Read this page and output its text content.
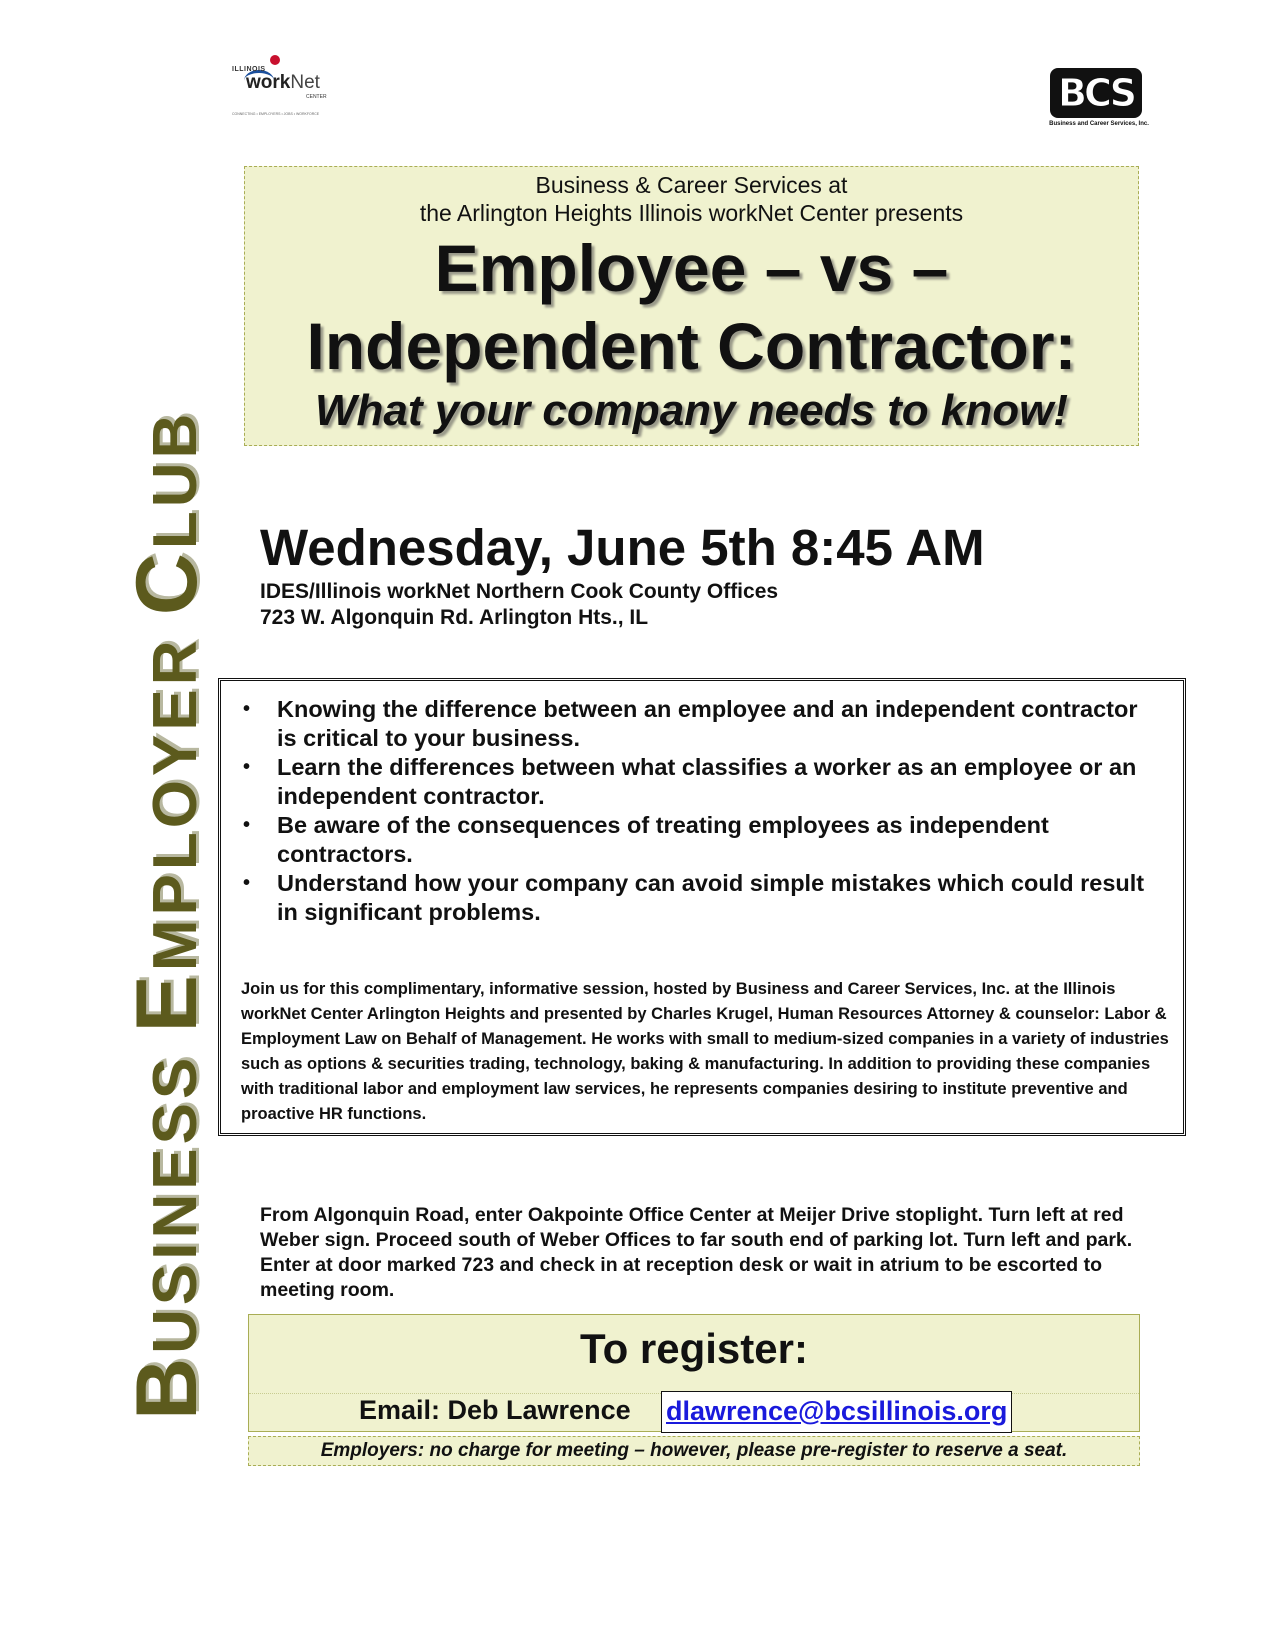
ILLINOIS
workNet
CENTER
CONNECTING • EMPLOYERS • JOBS • WORKFORCE	BCS
Business and Career Services, Inc.
BUSINESS EMPLOYER CLUB
Business & Career Services at
the Arlington Heights Illinois workNet Center presents
Employee – vs –
Independent Contractor:
What your company needs to know!
Wednesday, June 5th 8:45 AM
IDES/Illinois workNet Northern Cook County Offices
723 W. Algonquin Rd. Arlington Hts., IL
• Knowing the difference between an employee and an independent contractor is critical to your business.
• Learn the differences between what classifies a worker as an employee or an independent contractor.
• Be aware of the consequences of treating employees as independent contractors.
• Understand how your company can avoid simple mistakes which could result in significant problems.
Join us for this complimentary, informative session, hosted by Business and Career Services, Inc. at the Illinois workNet Center Arlington Heights and presented by Charles Krugel, Human Resources Attorney & counselor: Labor & Employment Law on Behalf of Management. He works with small to medium-sized companies in a variety of industries such as options & securities trading, technology, baking & manufacturing. In addition to providing these companies with traditional labor and employment law services, he represents companies desiring to institute preventive and proactive HR functions.
From Algonquin Road, enter Oakpointe Office Center at Meijer Drive stoplight. Turn left at red Weber sign. Proceed south of Weber Offices to far south end of parking lot. Turn left and park. Enter at door marked 723 and check in at reception desk or wait in atrium to be escorted to meeting room.
To register:
Email: Deb Lawrence dlawrence@bcsillinois.org
Employers: no charge for meeting – however, please pre-register to reserve a seat.
